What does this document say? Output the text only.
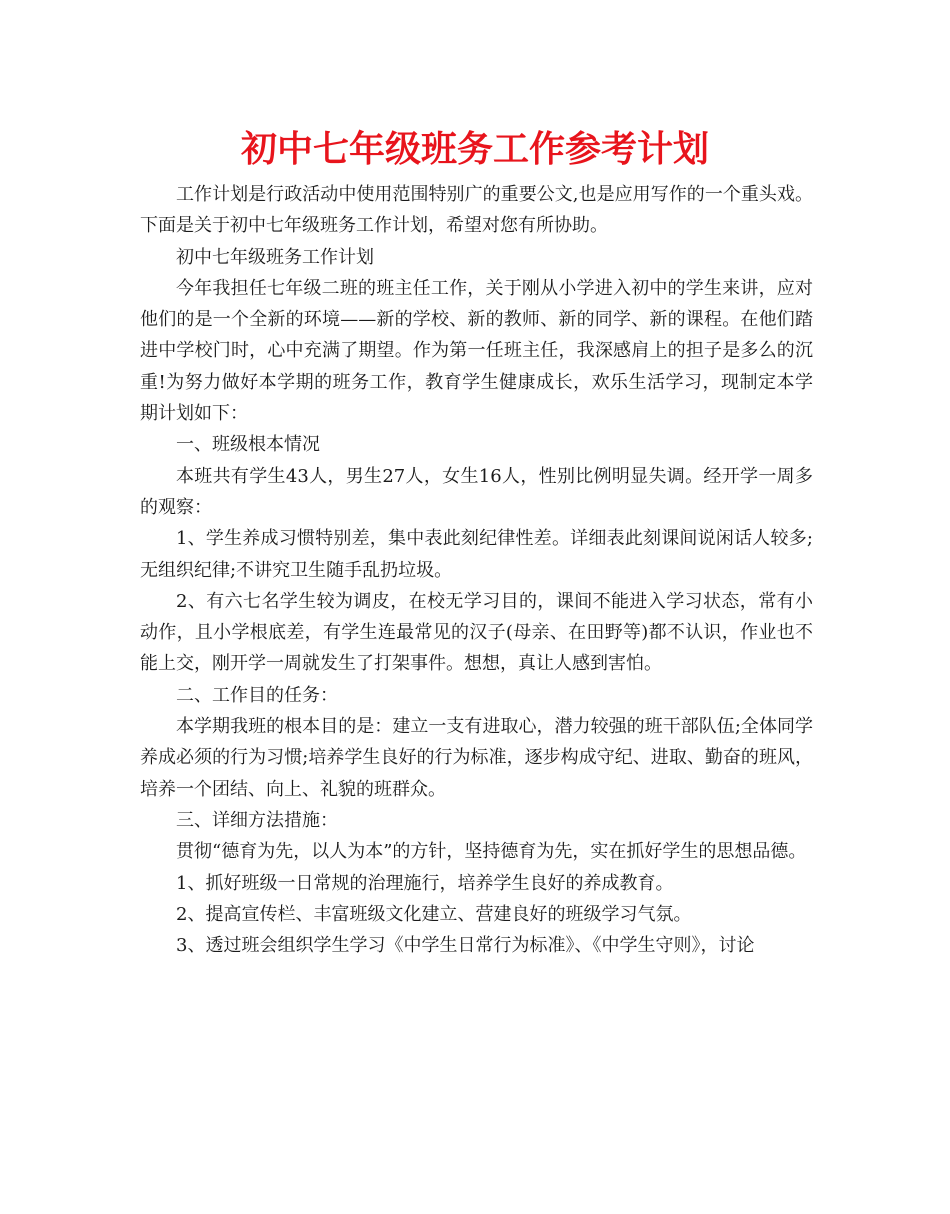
初中七年级班务工作参考计划

工作计划是行政活动中使用范围特别广的重要公文,也是应用写作的一个重头戏。下面是关于初中七年级班务工作计划，希望对您有所协助。

初中七年级班务工作计划

今年我担任七年级二班的班主任工作，关于刚从小学进入初中的学生来讲，应对他们的是一个全新的环境——新的学校、新的教师、新的同学、新的课程。在他们踏进中学校门时，心中充满了期望。作为第一任班主任，我深感肩上的担子是多么的沉重!为努力做好本学期的班务工作，教育学生健康成长，欢乐生活学习，现制定本学期计划如下：

一、班级根本情况

本班共有学生43人，男生27人，女生16人，性别比例明显失调。经开学一周多的观察：

1、学生养成习惯特别差，集中表此刻纪律性差。详细表此刻课间说闲话人较多;无组织纪律;不讲究卫生随手乱扔垃圾。

2、有六七名学生较为调皮，在校无学习目的，课间不能进入学习状态，常有小动作，且小学根底差，有学生连最常见的汉子(母亲、在田野等)都不认识，作业也不能上交，刚开学一周就发生了打架事件。想想，真让人感到害怕。

二、工作目的任务：

本学期我班的根本目的是：建立一支有进取心，潜力较强的班干部队伍;全体同学养成必须的行为习惯;培养学生良好的行为标准，逐步构成守纪、进取、勤奋的班风，培养一个团结、向上、礼貌的班群众。

三、详细方法措施：

贯彻“德育为先，以人为本”的方针，坚持德育为先，实在抓好学生的思想品德。

1、抓好班级一日常规的治理施行，培养学生良好的养成教育。

2、提高宣传栏、丰富班级文化建立、营建良好的班级学习气氛。

3、透过班会组织学生学习《中学生日常行为标准》、《中学生守则》，讨论
